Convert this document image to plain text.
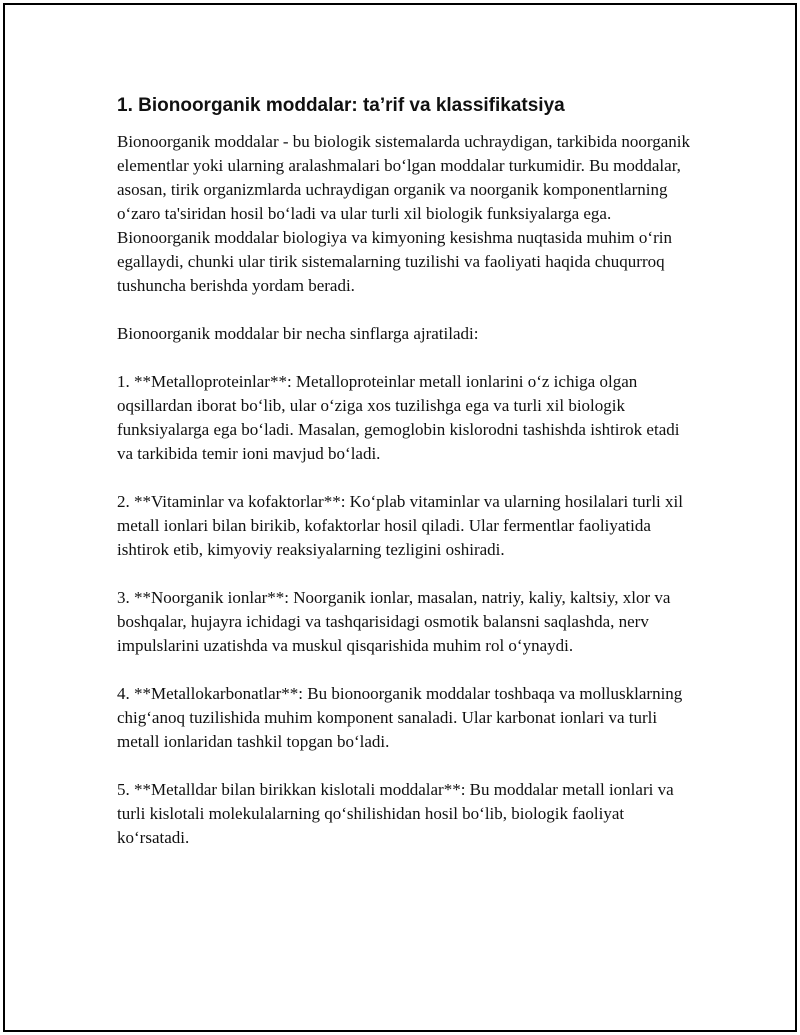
1. Bionoorganik moddalar: ta’rif va klassifikatsiya

Bionoorganik moddalar - bu biologik sistemalarda uchraydigan, tarkibida noorganik elementlar yoki ularning aralashmalari boʻlgan moddalar turkumidir. Bu moddalar, asosan, tirik organizmlarda uchraydigan organik va noorganik komponentlarning oʻzaro ta'siridan hosil boʻladi va ular turli xil biologik funksiyalarga ega. Bionoorganik moddalar biologiya va kimyoning kesishma nuqtasida muhim oʻrin egallaydi, chunki ular tirik sistemalarning tuzilishi va faoliyati haqida chuqurroq tushuncha berishda yordam beradi.

Bionoorganik moddalar bir necha sinflarga ajratiladi:

1. **Metalloproteinlar**: Metalloproteinlar metall ionlarini oʻz ichiga olgan oqsillardan iborat boʻlib, ular oʻziga xos tuzilishga ega va turli xil biologik funksiyalarga ega boʻladi. Masalan, gemoglobin kislorodni tashishda ishtirok etadi va tarkibida temir ioni mavjud boʻladi.

2. **Vitaminlar va kofaktorlar**: Koʻplab vitaminlar va ularning hosilalari turli xil metall ionlari bilan birikib, kofaktorlar hosil qiladi. Ular fermentlar faoliyatida ishtirok etib, kimyoviy reaksiyalarning tezligini oshiradi.

3. **Noorganik ionlar**: Noorganik ionlar, masalan, natriy, kaliy, kaltsiy, xlor va boshqalar, hujayra ichidagi va tashqarisidagi osmotik balansni saqlashda, nerv impulslarini uzatishda va muskul qisqarishida muhim rol oʻynaydi.

4. **Metallokarbonatlar**: Bu bionoorganik moddalar toshbaqa va mollusklarning chigʻanoq tuzilishida muhim komponent sanaladi. Ular karbonat ionlari va turli metall ionlaridan tashkil topgan boʻladi.

5. **Metalldar bilan birikkan kislotali moddalar**: Bu moddalar metall ionlari va turli kislotali molekulalarning qoʻshilishidan hosil boʻlib, biologik faoliyat koʻrsatadi.
